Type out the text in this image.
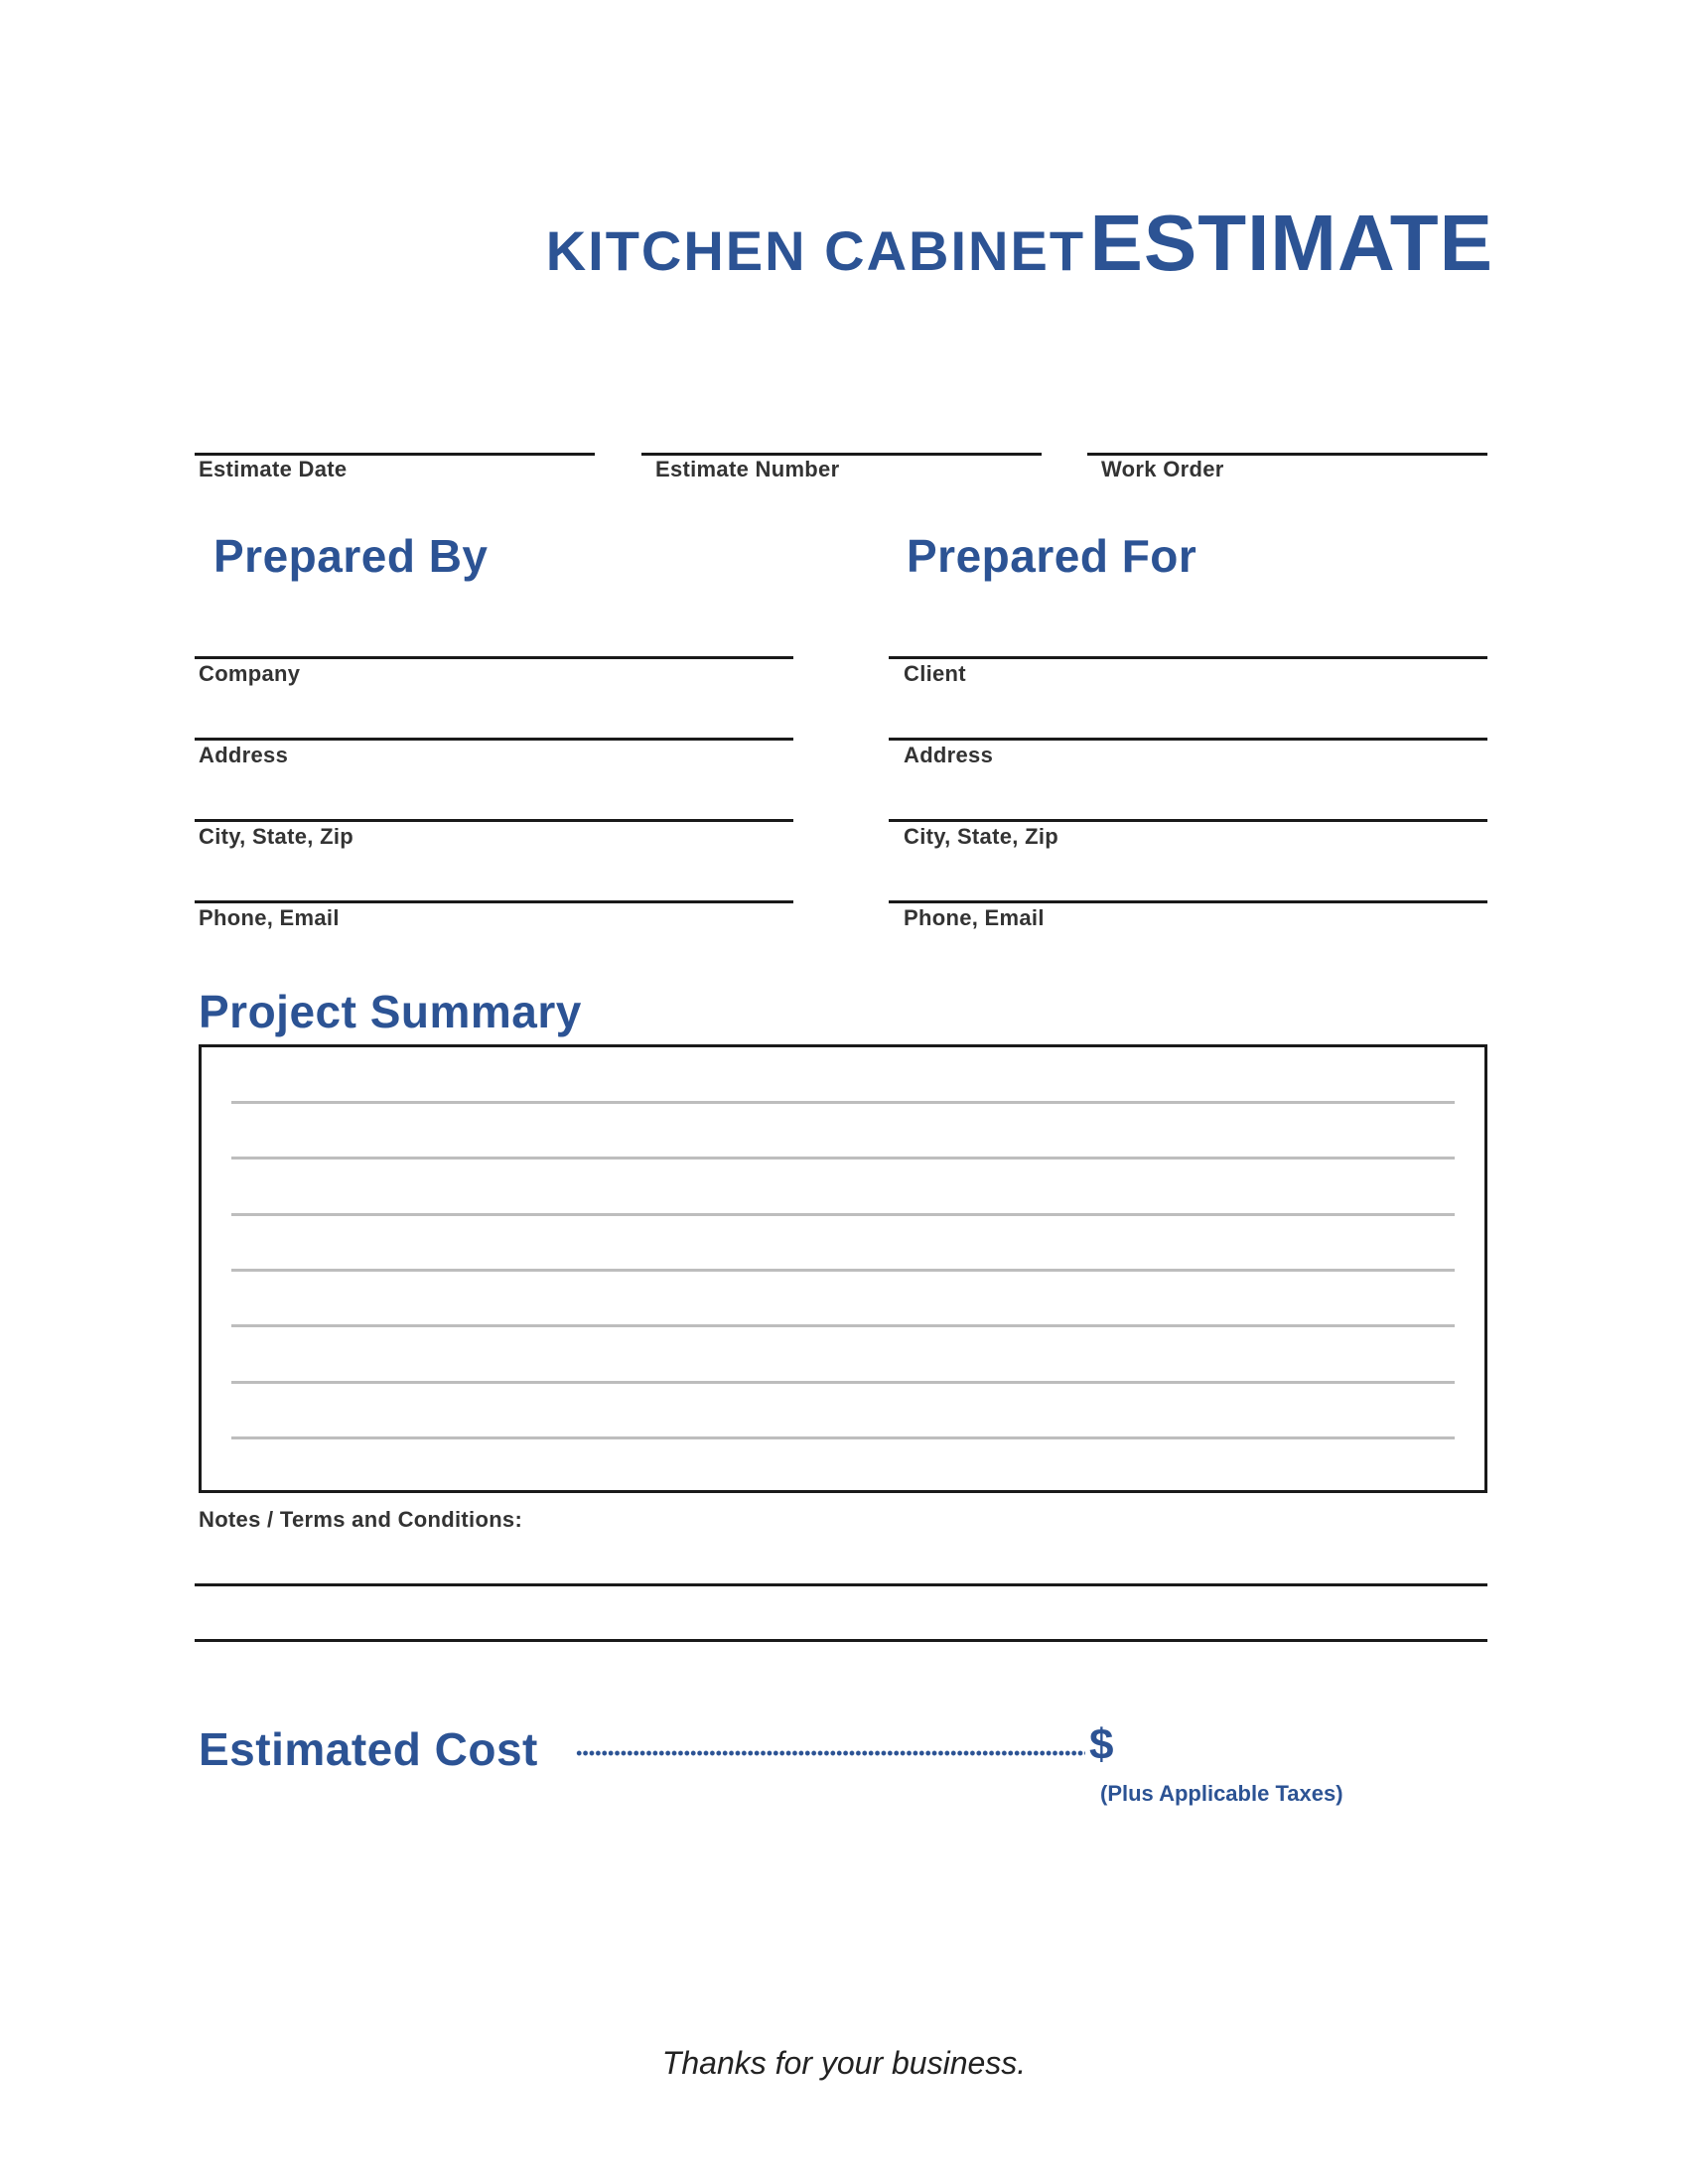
KITCHEN CABINET ESTIMATE
Estimate Date	Estimate Number	Work Order
Prepared By
Company
Address
City, State, Zip
Phone, Email
Prepared For
Client
Address
City, State, Zip
Phone, Email
Project Summary
Notes / Terms and Conditions:
Estimated Cost	$
(Plus Applicable Taxes)
Thanks for your business.
